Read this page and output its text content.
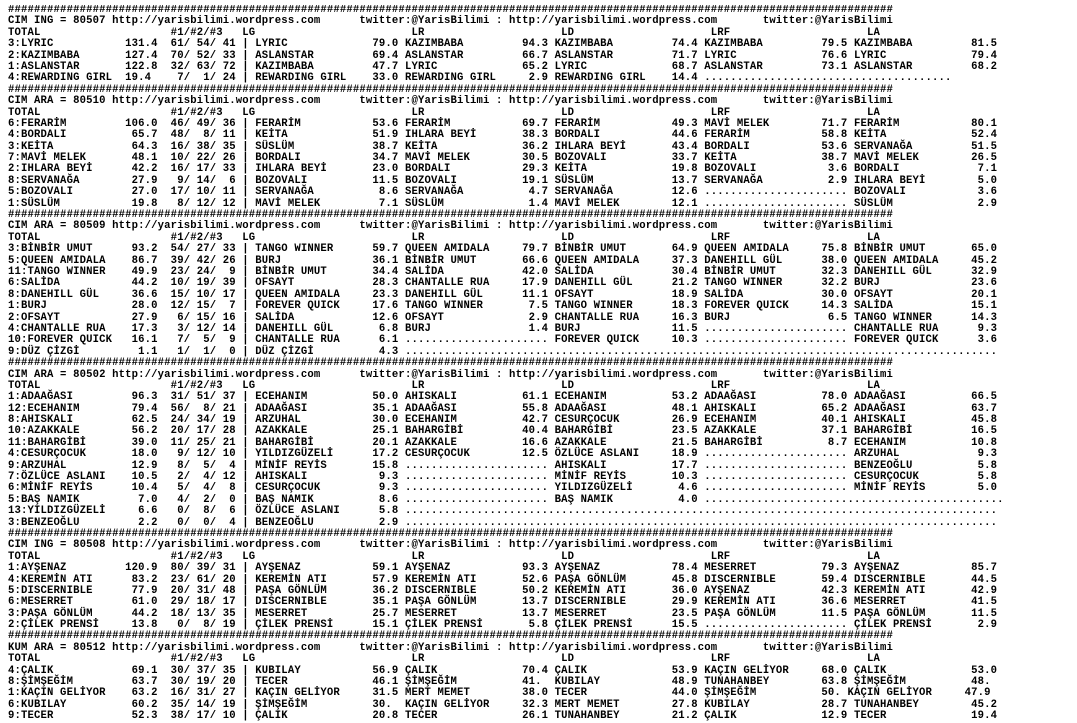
########################################################################################################################################
CIM ING = 80507 http://yarisbilimi.wordpress.com      twitter:@YarisBilimi : http://yarisbilimi.wordpress.com       twitter:@YarisBilimi
TOTAL                    #1/#2/#3   LG                        LR                     LD                     LRF                     LA
3:LYRIC           131.4  61/ 54/ 41 | LYRIC             79.0 KAZIMBABA         94.3 KAZIMBABA         74.4 KAZIMBABA         79.5 KAZIMBABA         81.5
2:KAZIMBABA       127.4  70/ 52/ 33 | ASLANSTAR         69.4 ASLANSTAR         66.7 ASLANSTAR         71.7 LYRIC             76.6 LYRIC             79.4
1:ASLANSTAR       122.8  32/ 63/ 72 | KAZIMBABA         47.7 LYRIC             65.2 LYRIC             68.7 ASLANSTAR         73.1 ASLANSTAR         68.2
4:REWARDING GIRL  19.4    7/  1/ 24 | REWARDING GIRL    33.0 REWARDING GIRL     2.9 REWARDING GIRL    14.4 ......................................
########################################################################################################################################
CIM ARA = 80510 http://yarisbilimi.wordpress.com      twitter:@YarisBilimi : http://yarisbilimi.wordpress.com       twitter:@YarisBilimi
TOTAL                    #1/#2/#3   LG                        LR                     LD                     LRF                     LA
6:FERARİM         106.0  46/ 49/ 36 | FERARİM           53.6 FERARİM           69.7 FERARİM           49.3 MAVİ MELEK        71.7 FERARİM           80.1
4:BORDALI          65.7  48/  8/ 11 | KEİTA             51.9 IHLARA BEYİ       38.3 BORDALI           44.6 FERARİM           58.8 KEİTA             52.4
3:KEİTA            64.3  16/ 38/ 35 | SÜSLÜM            38.7 KEİTA             36.2 IHLARA BEYİ       43.4 BORDALI           53.6 SERVANAĞA         51.5
7:MAVİ MELEK       48.1  10/ 22/ 26 | BORDALI           34.7 MAVİ MELEK        30.5 BOZOVALI          33.7 KEİTA             38.7 MAVİ MELEK        26.5
2:IHLARA BEYİ      42.2  16/ 17/ 33 | IHLARA BEYİ       23.0 BORDALI           29.3 KEİTA             19.8 BOZOVALI           3.6 BORDALI            7.1
8:SERVANAĞA        27.9   9/ 14/  6 | BOZOVALI          11.5 BOZOVALI          19.1 SÜSLÜM            13.7 SERVANAĞA          2.9 IHLARA BEYİ        5.0
5:BOZOVALI         27.0  17/ 10/ 11 | SERVANAĞA          8.6 SERVANAĞA          4.7 SERVANAĞA         12.6 ...................... BOZOVALI           3.6
1:SÜSLÜM           19.8   8/ 12/ 12 | MAVİ MELEK         7.1 SÜSLÜM             1.4 MAVİ MELEK        12.1 ...................... SÜSLÜM             2.9
########################################################################################################################################
CIM ARA = 80509 http://yarisbilimi.wordpress.com      twitter:@YarisBilimi : http://yarisbilimi.wordpress.com       twitter:@YarisBilimi
TOTAL                    #1/#2/#3   LG                        LR                     LD                     LRF                     LA
3:BİNBİR UMUT      93.2  54/ 27/ 33 | TANGO WINNER      59.7 QUEEN AMIDALA     79.7 BİNBİR UMUT       64.9 QUEEN AMIDALA     75.8 BİNBİR UMUT       65.0
5:QUEEN AMIDALA    86.7  39/ 42/ 26 | BURJ              36.1 BİNBİR UMUT       66.6 QUEEN AMIDALA     37.3 DANEHILL GÜL      38.0 QUEEN AMIDALA     45.2
11:TANGO WINNER    49.9  23/ 24/  9 | BİNBİR UMUT       34.4 SALİDA            42.0 SALİDA            30.4 BİNBİR UMUT       32.3 DANEHILL GÜL      32.9
6:SALİDA           44.2  10/ 19/ 39 | OFSAYT            28.3 CHANTALLE RUA     17.9 DANEHILL GÜL      21.2 TANGO WINNER      32.2 BURJ              23.6
8:DANEHILL GÜL     36.6  15/ 10/ 17 | QUEEN AMIDALA     23.3 DANEHILL GÜL      11.1 OFSAYT            18.9 SALİDA            30.0 OFSAYT            20.1
1:BURJ             28.0  12/ 15/  7 | FOREVER QUICK     17.6 TANGO WINNER       7.5 TANGO WINNER      18.3 FOREVER QUICK     14.3 SALİDA            15.1
2:OFSAYT           27.9   6/ 15/ 16 | SALİDA            12.6 OFSAYT             2.9 CHANTALLE RUA     16.3 BURJ               6.5 TANGO WINNER      14.3
4:CHANTALLE RUA    17.3   3/ 12/ 14 | DANEHILL GÜL       6.8 BURJ               1.4 BURJ              11.5 ...................... CHANTALLE RUA      9.3
10:FOREVER QUICK   16.1   7/  5/  9 | CHANTALLE RUA      6.1 ...................... FOREVER QUICK     10.3 ...................... FOREVER QUICK      3.6
9:DÜZ ÇİZGİ         1.1   1/  1/  0 | DÜZ ÇİZGİ          4.3 ...........................................................................................
########################################################################################################################################
CIM ARA = 80502 http://yarisbilimi.wordpress.com      twitter:@YarisBilimi : http://yarisbilimi.wordpress.com       twitter:@YarisBilimi
TOTAL                    #1/#2/#3   LG                        LR                     LD                     LRF                     LA
1:ADAAĞASI         96.3  31/ 51/ 37 | ECEHANIM          50.0 AHISKALI          61.1 ECEHANIM          53.2 ADAAĞASI          78.0 ADAAĞASI          66.5
12:ECEHANIM        79.4  56/  8/ 21 | ADAAĞASI          35.1 ADAAĞASI          55.8 ADAAĞASI          48.1 AHISKALI          65.2 ADAAĞASI          63.7
8:AHISKALI         62.5  24/ 34/ 19 | ARZUHAL           30.0 ECEHANIM          42.7 CESURÇOCUK        26.9 ECEHANIM          40.1 AHISKALI          45.8
10:AZAKKALE        56.2  20/ 17/ 28 | AZAKKALE          25.1 BAHARGİBİ         40.4 BAHARGİBİ         23.5 AZAKKALE          37.1 BAHARGİBİ         16.5
11:BAHARGİBİ       39.0  11/ 25/ 21 | BAHARGİBİ         20.1 AZAKKALE          16.6 AZAKKALE          21.5 BAHARGİBİ          8.7 ECEHANIM          10.8
4:CESURÇOCUK       18.0   9/ 12/ 10 | YILDIZGÜZELİ      17.2 CESURÇOCUK        12.5 ÖZLÜCE ASLANI     18.9 ...................... ARZUHAL            9.3
9:ARZUHAL          12.9   8/  5/  4 | MİNİF REYİS       15.8 ...................... AHISKALI          17.7 ...................... BENZEOĞLU          5.8
7:ÖZLÜCE ASLANI    10.5   2/  4/ 12 | AHISKALI           9.3 ...................... MİNİF REYİS       10.3 ...................... CESURÇOCUK         5.8
6:MİNİF REYİS      10.4   5/  4/  8 | CESURÇOCUK         9.3 ...................... YILDIZGÜZELİ       4.6 ...................... MİNİF REYİS        5.0
5:BAŞ NAMIK         7.0   4/  2/  0 | BAŞ NAMIK          8.6 ...................... BAŞ NAMIK          4.0 ..............................................
13:YILDIZGÜZELİ     6.6   0/  8/  6 | ÖZLÜCE ASLANI      5.8 ...........................................................................................
3:BENZEOĞLU         2.2   0/  0/  4 | BENZEOĞLU          2.9 ...........................................................................................
########################################################################################################################################
CIM ING = 80508 http://yarisbilimi.wordpress.com      twitter:@YarisBilimi : http://yarisbilimi.wordpress.com       twitter:@YarisBilimi
TOTAL                    #1/#2/#3   LG                        LR                     LD                     LRF                     LA
1:AYŞENAZ         120.9  80/ 39/ 31 | AYŞENAZ           59.1 AYŞENAZ           93.3 AYŞENAZ           78.4 MESERRET          79.3 AYŞENAZ           85.7
4:KEREMİN ATI      83.2  23/ 61/ 20 | KEREMİN ATI       57.9 KEREMİN ATI       52.6 PAŞA GÖNLÜM       45.8 DISCERNIBLE       59.4 DISCERNIBLE       44.5
5:DISCERNIBLE      77.9  20/ 31/ 48 | PAŞA GÖNLÜM       36.2 DISCERNIBLE       50.2 KEREMİN ATI       36.0 AYŞENAZ           42.3 KEREMİN ATI       42.9
6:MESERRET         61.0  29/ 18/ 17 | DISCERNIBLE       35.1 PAŞA GÖNLÜM       13.7 DISCERNIBLE       29.9 KEREMİN ATI       36.6 MESERRET          41.5
3:PAŞA GÖNLÜM      44.2  18/ 13/ 35 | MESERRET          25.7 MESERRET          13.7 MESERRET          23.5 PAŞA GÖNLÜM       11.5 PAŞA GÖNLÜM       11.5
2:ÇİLEK PRENSİ     13.8   0/  8/ 19 | ÇİLEK PRENSİ      15.1 ÇİLEK PRENSİ       5.8 ÇİLEK PRENSİ      15.5 ...................... ÇİLEK PRENSİ       2.9
########################################################################################################################################
KUM ARA = 80512 http://yarisbilimi.wordpress.com      twitter:@YarisBilimi : http://yarisbilimi.wordpress.com       twitter:@YarisBilimi
TOTAL                    #1/#2/#3   LG                        LR                     LD                     LRF                     LA
4:ÇALIK            69.1  30/ 37/ 35 | KUBILAY           56.9 ÇALIK             70.4 ÇALIK             53.9 KAÇIN GELİYOR     68.0 ÇALIK             53.0
8:ŞİMŞEĞİM         63.7  30/ 19/ 20 | TECER             46.1 ŞİMŞEĞİM          41.  KUBILAY           48.9 TUNAHANBEY        63.8 ŞİMŞEĞİM          48.
1:KAÇIN GELİYOR    63.2  16/ 31/ 27 | KAÇIN GELİYOR     31.5 MERT MEMET        38.0 TECER             44.0 ŞİMŞEĞİM          50. KAÇIN GELİYOR     47.9
6:KUBILAY          60.2  35/ 14/ 19 | ŞİMŞEĞİM          30.  KAÇIN GELİYOR     32.3 MERT MEMET        27.8 KUBILAY           28.7 TUNAHANBEY        45.2
9:TECER            52.3  38/ 17/ 10 | ÇALIK             20.8 TECER             26.1 TUNAHANBEY        21.2 ÇALIK             12.9 TECER             19.4
